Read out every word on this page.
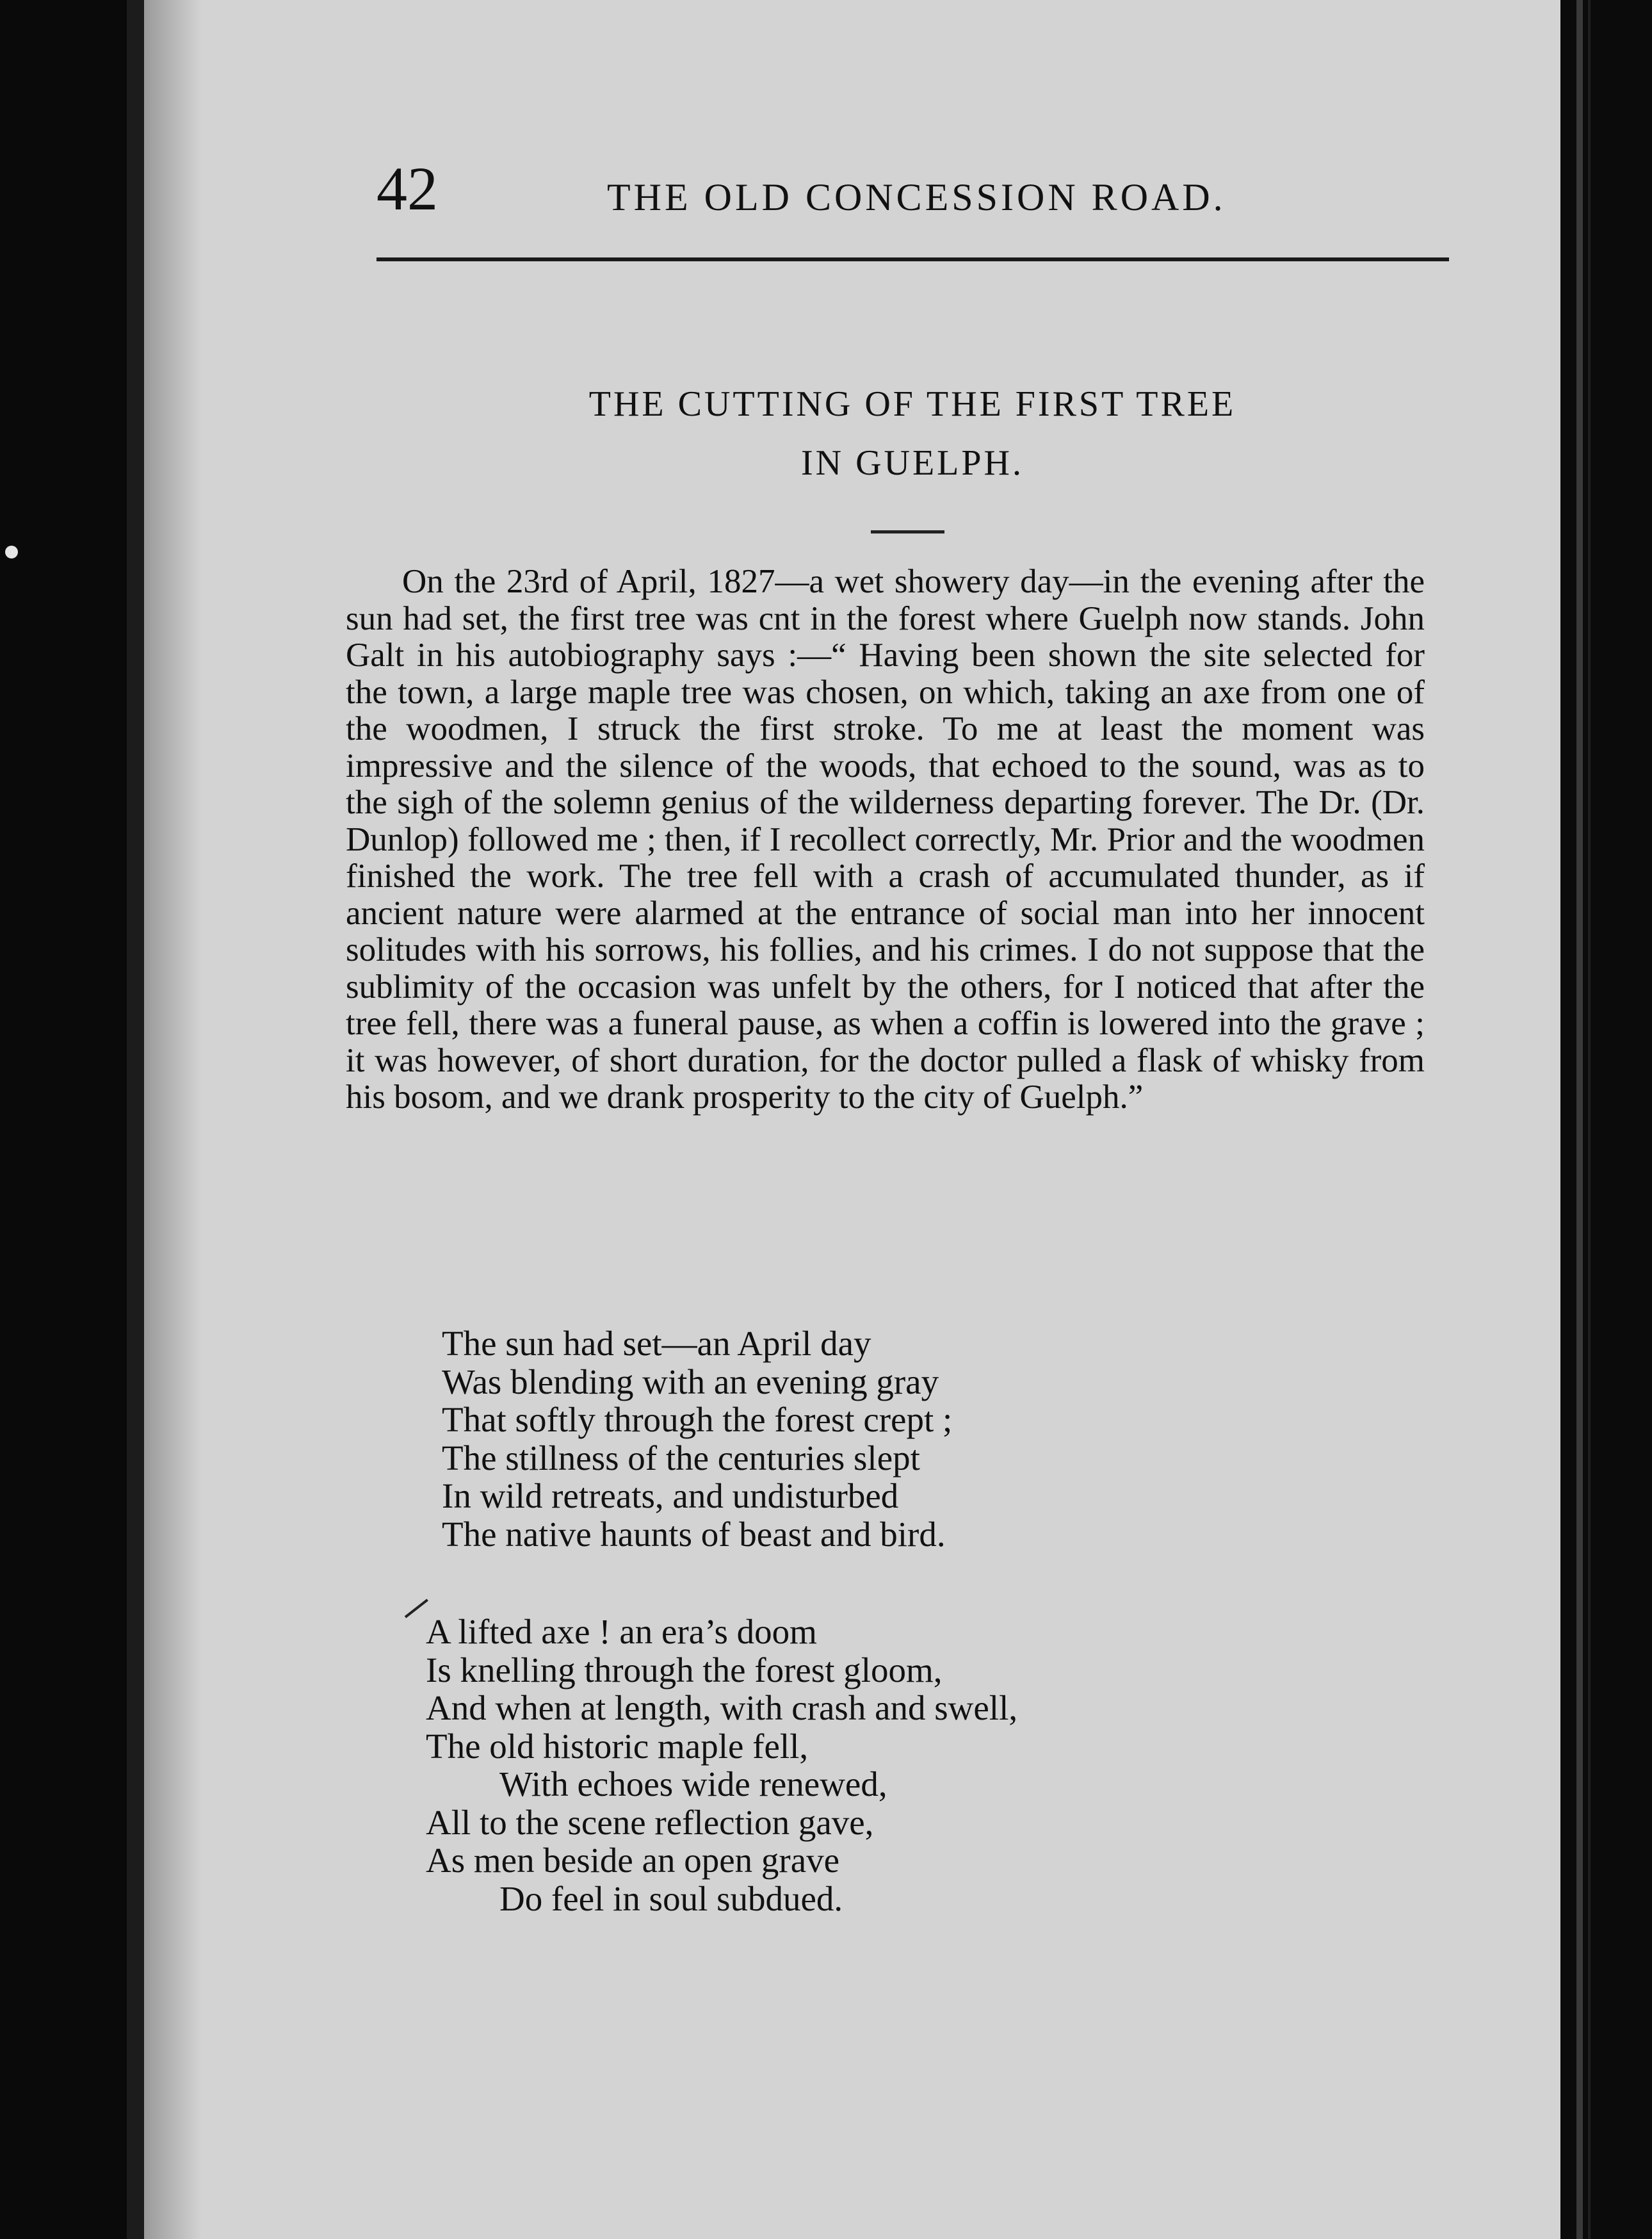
42	THE OLD CONCESSION ROAD.
THE CUTTING OF THE FIRST TREE
IN GUELPH.

On the 23rd of April, 1827—a wet showery day—in the evening after the sun had set, the first tree was cnt in the forest where Guelph now stands. John Galt in his autobiography says :—“ Having been shown the site selected for the town, a large maple tree was chosen, on which, taking an axe from one of the woodmen, I struck the first stroke. To me at least the moment was impressive and the silence of the woods, that echoed to the sound, was as to the sigh of the solemn genius of the wilderness departing forever. The Dr. (Dr. Dunlop) followed me ; then, if I recollect correctly, Mr. Prior and the woodmen finished the work. The tree fell with a crash of accumulated thunder, as if ancient nature were alarmed at the entrance of social man into her innocent solitudes with his sorrows, his follies, and his crimes. I do not suppose that the sublimity of the occasion was unfelt by the others, for I noticed that after the tree fell, there was a funeral pause, as when a coffin is lowered into the grave ; it was however, of short duration, for the doctor pulled a flask of whisky from his bosom, and we drank prosperity to the city of Guelph.”

The sun had set—an April day
Was blending with an evening gray
That softly through the forest crept ;
The stillness of the centuries slept
In wild retreats, and undisturbed
The native haunts of beast and bird.
A lifted axe ! an era’s doom
Is knelling through the forest gloom,
And when at length, with crash and swell,
The old historic maple fell,
With echoes wide renewed,
All to the scene reflection gave,
As men beside an open grave
Do feel in soul subdued.
